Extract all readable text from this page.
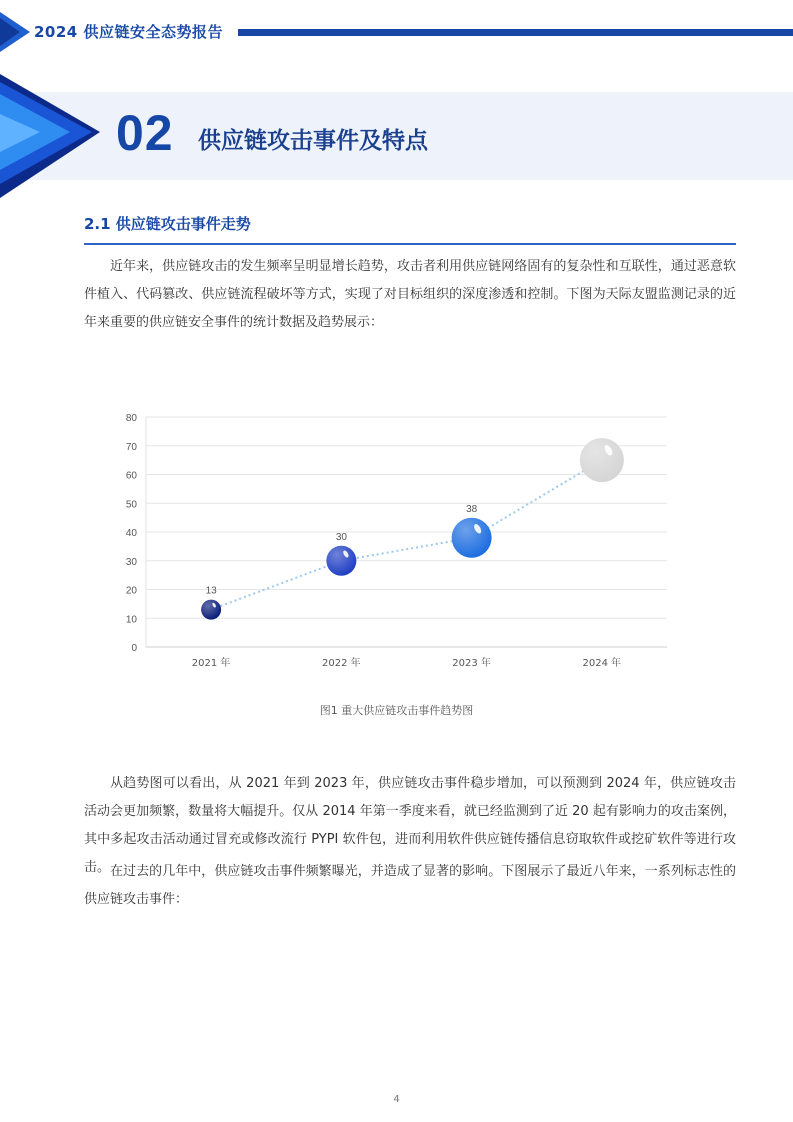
2024 供应链安全态势报告
02 供应链攻击事件及特点
2.1 供应链攻击事件走势

近年来，供应链攻击的发生频率呈明显增长趋势，攻击者利用供应链网络固有的复杂性和互联性，通过恶意软件植入、代码篡改、供应链流程破坏等方式，实现了对目标组织的深度渗透和控制。下图为天际友盟监测记录的近年来重要的供应链安全事件的统计数据及趋势展示：

0
10
20
30
40
50
60
70
80
13
30
38
2021 年	2022 年	2023 年	2024 年
图1 重大供应链攻击事件趋势图

从趋势图可以看出，从 2021 年到 2023 年，供应链攻击事件稳步增加，可以预测到 2024 年，供应链攻击活动会更加频繁，数量将大幅提升。仅从 2014 年第一季度来看，就已经监测到了近 20 起有影响力的攻击案例，其中多起攻击活动通过冒充或修改流行 PYPI 软件包，进而利用软件供应链传播信息窃取软件或挖矿软件等进行攻击。 在过去的几年中，供应链攻击事件频繁曝光，并造成了显著的影响。下图展示了最近八年来，一系列标志性的供应链攻击事件：

4
